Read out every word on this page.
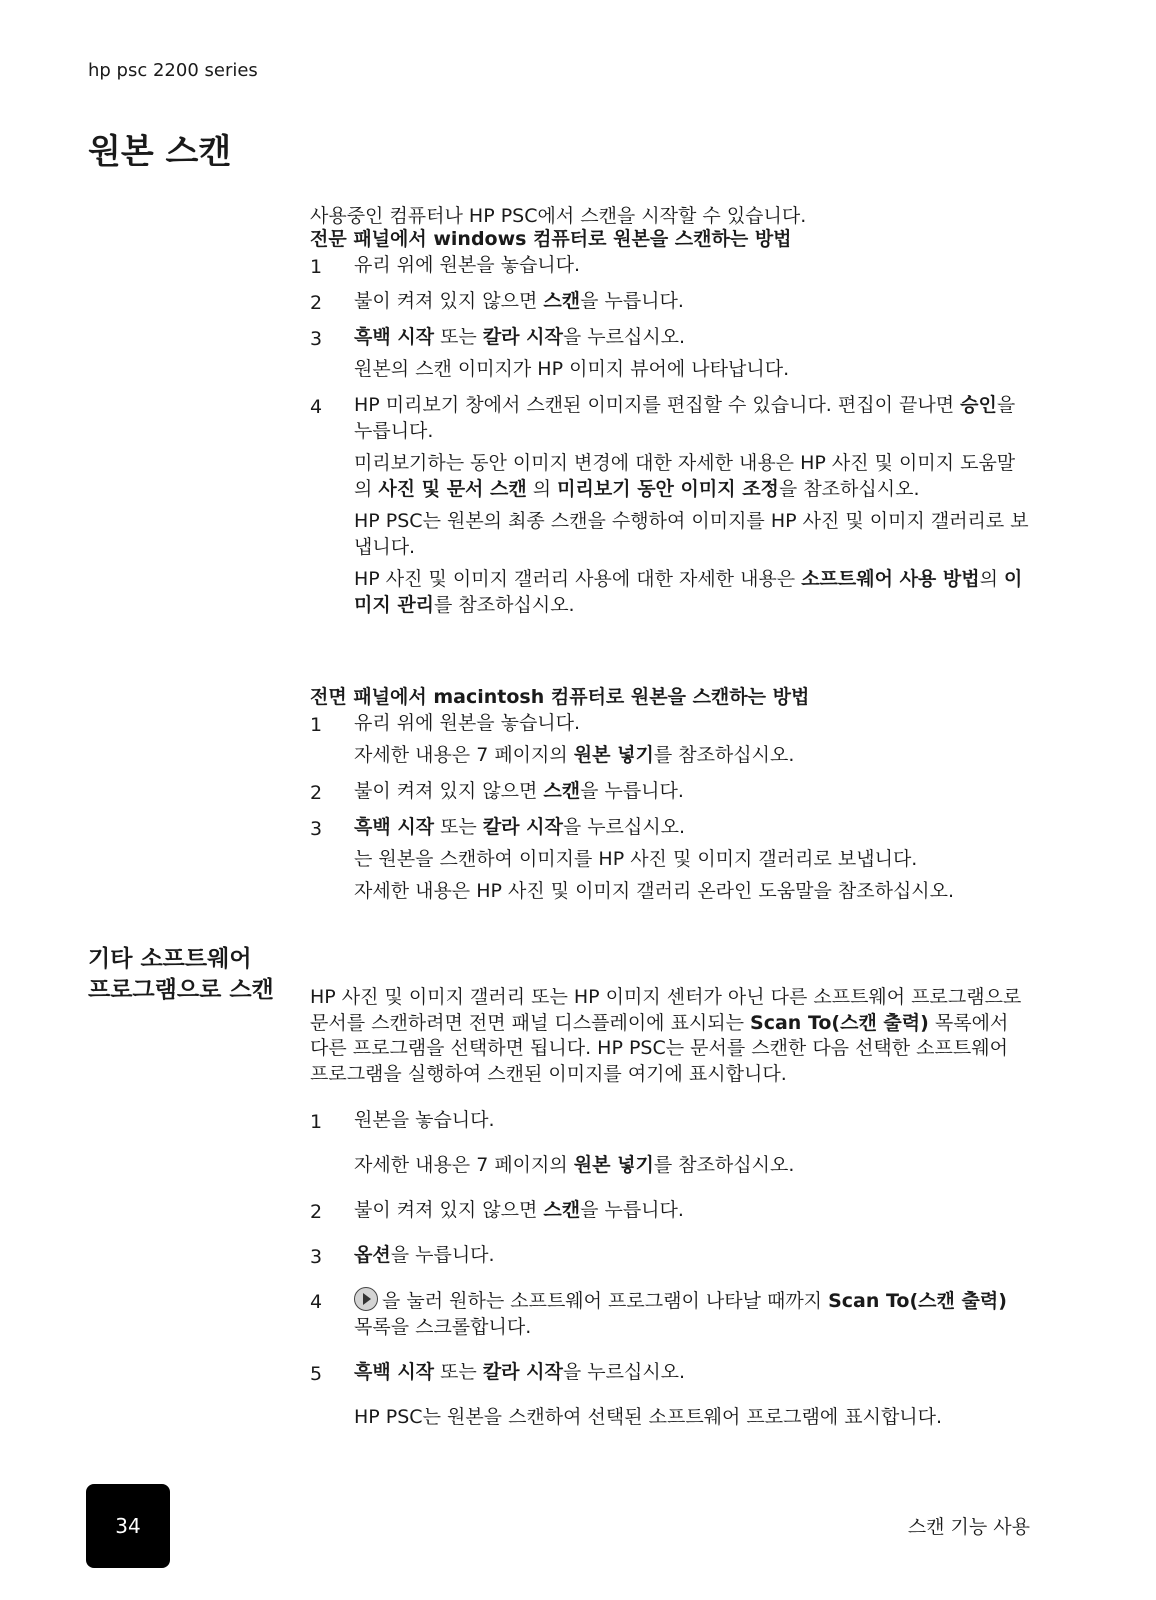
hp psc 2200 series
원본 스캔

사용중인 컴퓨터나 HP PSC에서 스캔을 시작할 수 있습니다.

전문 패널에서 windows 컴퓨터로 원본을 스캔하는 방법

1 유리 위에 원본을 놓습니다.

2 불이 켜져 있지 않으면 스캔을 누릅니다.

3 흑백 시작 또는 칼라 시작을 누르십시오.

원본의 스캔 이미지가 HP 이미지 뷰어에 나타납니다.

4 HP 미리보기 창에서 스캔된 이미지를 편집할 수 있습니다. 편집이 끝나면 승인을 누릅니다.

미리보기하는 동안 이미지 변경에 대한 자세한 내용은 HP 사진 및 이미지 도움말의 사진 및 문서 스캔 의 미리보기 동안 이미지 조정을 참조하십시오.

HP PSC는 원본의 최종 스캔을 수행하여 이미지를 HP 사진 및 이미지 갤러리로 보냅니다.

HP 사진 및 이미지 갤러리 사용에 대한 자세한 내용은 소프트웨어 사용 방법의 이미지 관리를 참조하십시오.

전면 패널에서 macintosh 컴퓨터로 원본을 스캔하는 방법

1 유리 위에 원본을 놓습니다.

자세한 내용은 7 페이지의 원본 넣기를 참조하십시오.

2 불이 켜져 있지 않으면 스캔을 누릅니다.

3 흑백 시작 또는 칼라 시작을 누르십시오.

는 원본을 스캔하여 이미지를 HP 사진 및 이미지 갤러리로 보냅니다.

자세한 내용은 HP 사진 및 이미지 갤러리 온라인 도움말을 참조하십시오.

기타 소프트웨어 프로그램으로 스캔 HP 사진 및 이미지 갤러리 또는 HP 이미지 센터가 아닌 다른 소프트웨어 프로그램으로 문서를 스캔하려면 전면 패널 디스플레이에 표시되는 Scan To(스캔 출력) 목록에서 다른 프로그램을 선택하면 됩니다. HP PSC는 문서를 스캔한 다음 선택한 소프트웨어 프로그램을 실행하여 스캔된 이미지를 여기에 표시합니다.

1 원본을 놓습니다.

자세한 내용은 7 페이지의 원본 넣기를 참조하십시오.

2 불이 켜져 있지 않으면 스캔을 누릅니다.

3 옵션을 누릅니다.

4	을 눌러 원하는 소프트웨어 프로그램이 나타날 때까지 Scan To(스캔 출력) 목록을 스크롤합니다.

5 흑백 시작 또는 칼라 시작을 누르십시오.

HP PSC는 원본을 스캔하여 선택된 소프트웨어 프로그램에 표시합니다.

34	스캔 기능 사용
